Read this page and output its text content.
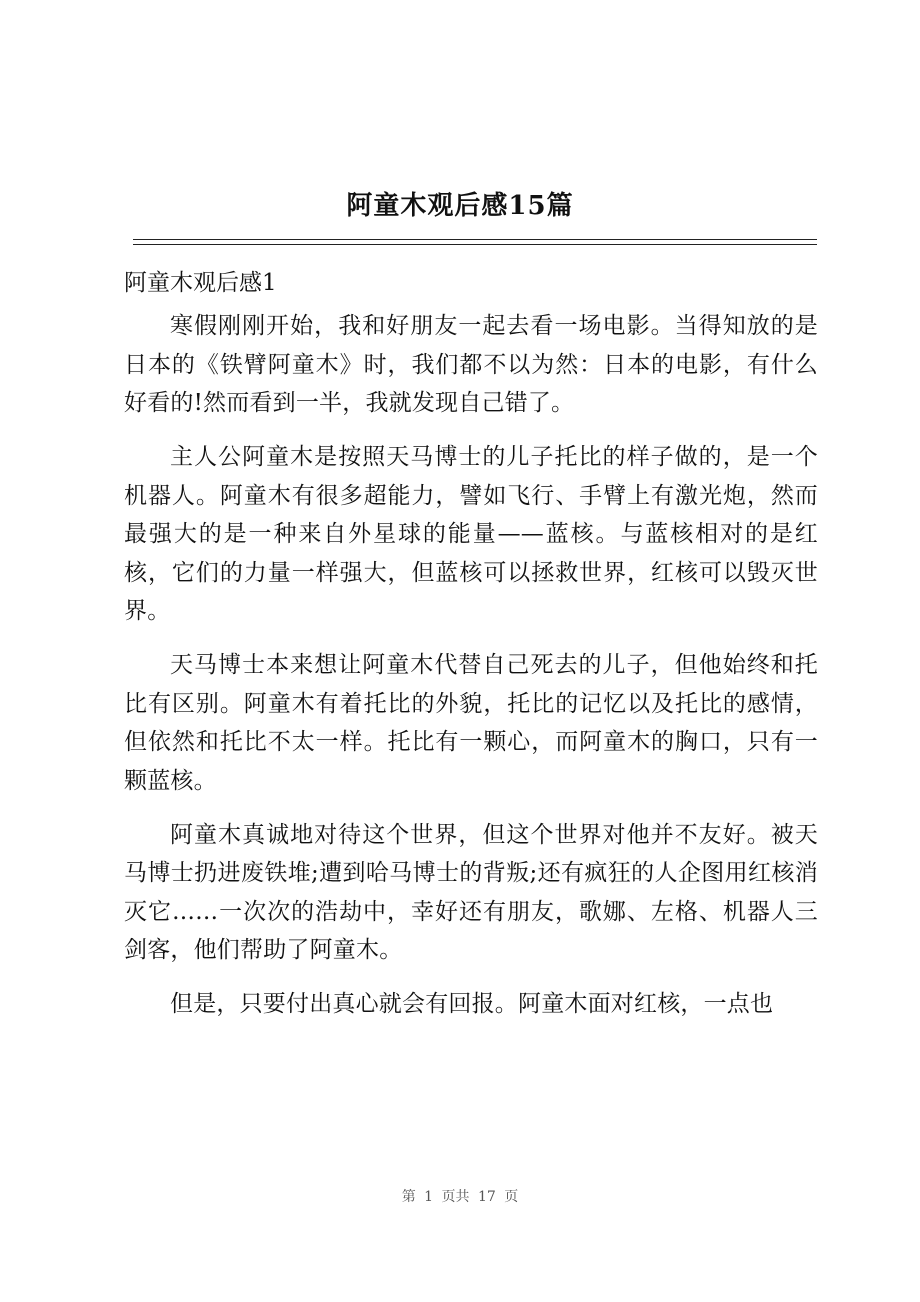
阿童木观后感15篇
阿童木观后感1

寒假刚刚开始，我和好朋友一起去看一场电影。当得知放的是日本的《铁臂阿童木》时，我们都不以为然：日本的电影，有什么好看的!然而看到一半，我就发现自己错了。

主人公阿童木是按照天马博士的儿子托比的样子做的，是一个机器人。阿童木有很多超能力，譬如飞行、手臂上有激光炮，然而最强大的是一种来自外星球的能量——蓝核。与蓝核相对的是红核，它们的力量一样强大，但蓝核可以拯救世界，红核可以毁灭世界。

天马博士本来想让阿童木代替自己死去的儿子，但他始终和托比有区别。阿童木有着托比的外貌，托比的记忆以及托比的感情，但依然和托比不太一样。托比有一颗心，而阿童木的胸口，只有一颗蓝核。

阿童木真诚地对待这个世界，但这个世界对他并不友好。被天马博士扔进废铁堆;遭到哈马博士的背叛;还有疯狂的人企图用红核消灭它……一次次的浩劫中，幸好还有朋友，歌娜、左格、机器人三剑客，他们帮助了阿童木。

但是，只要付出真心就会有回报。阿童木面对红核，一点也

第 1 页共 17 页
